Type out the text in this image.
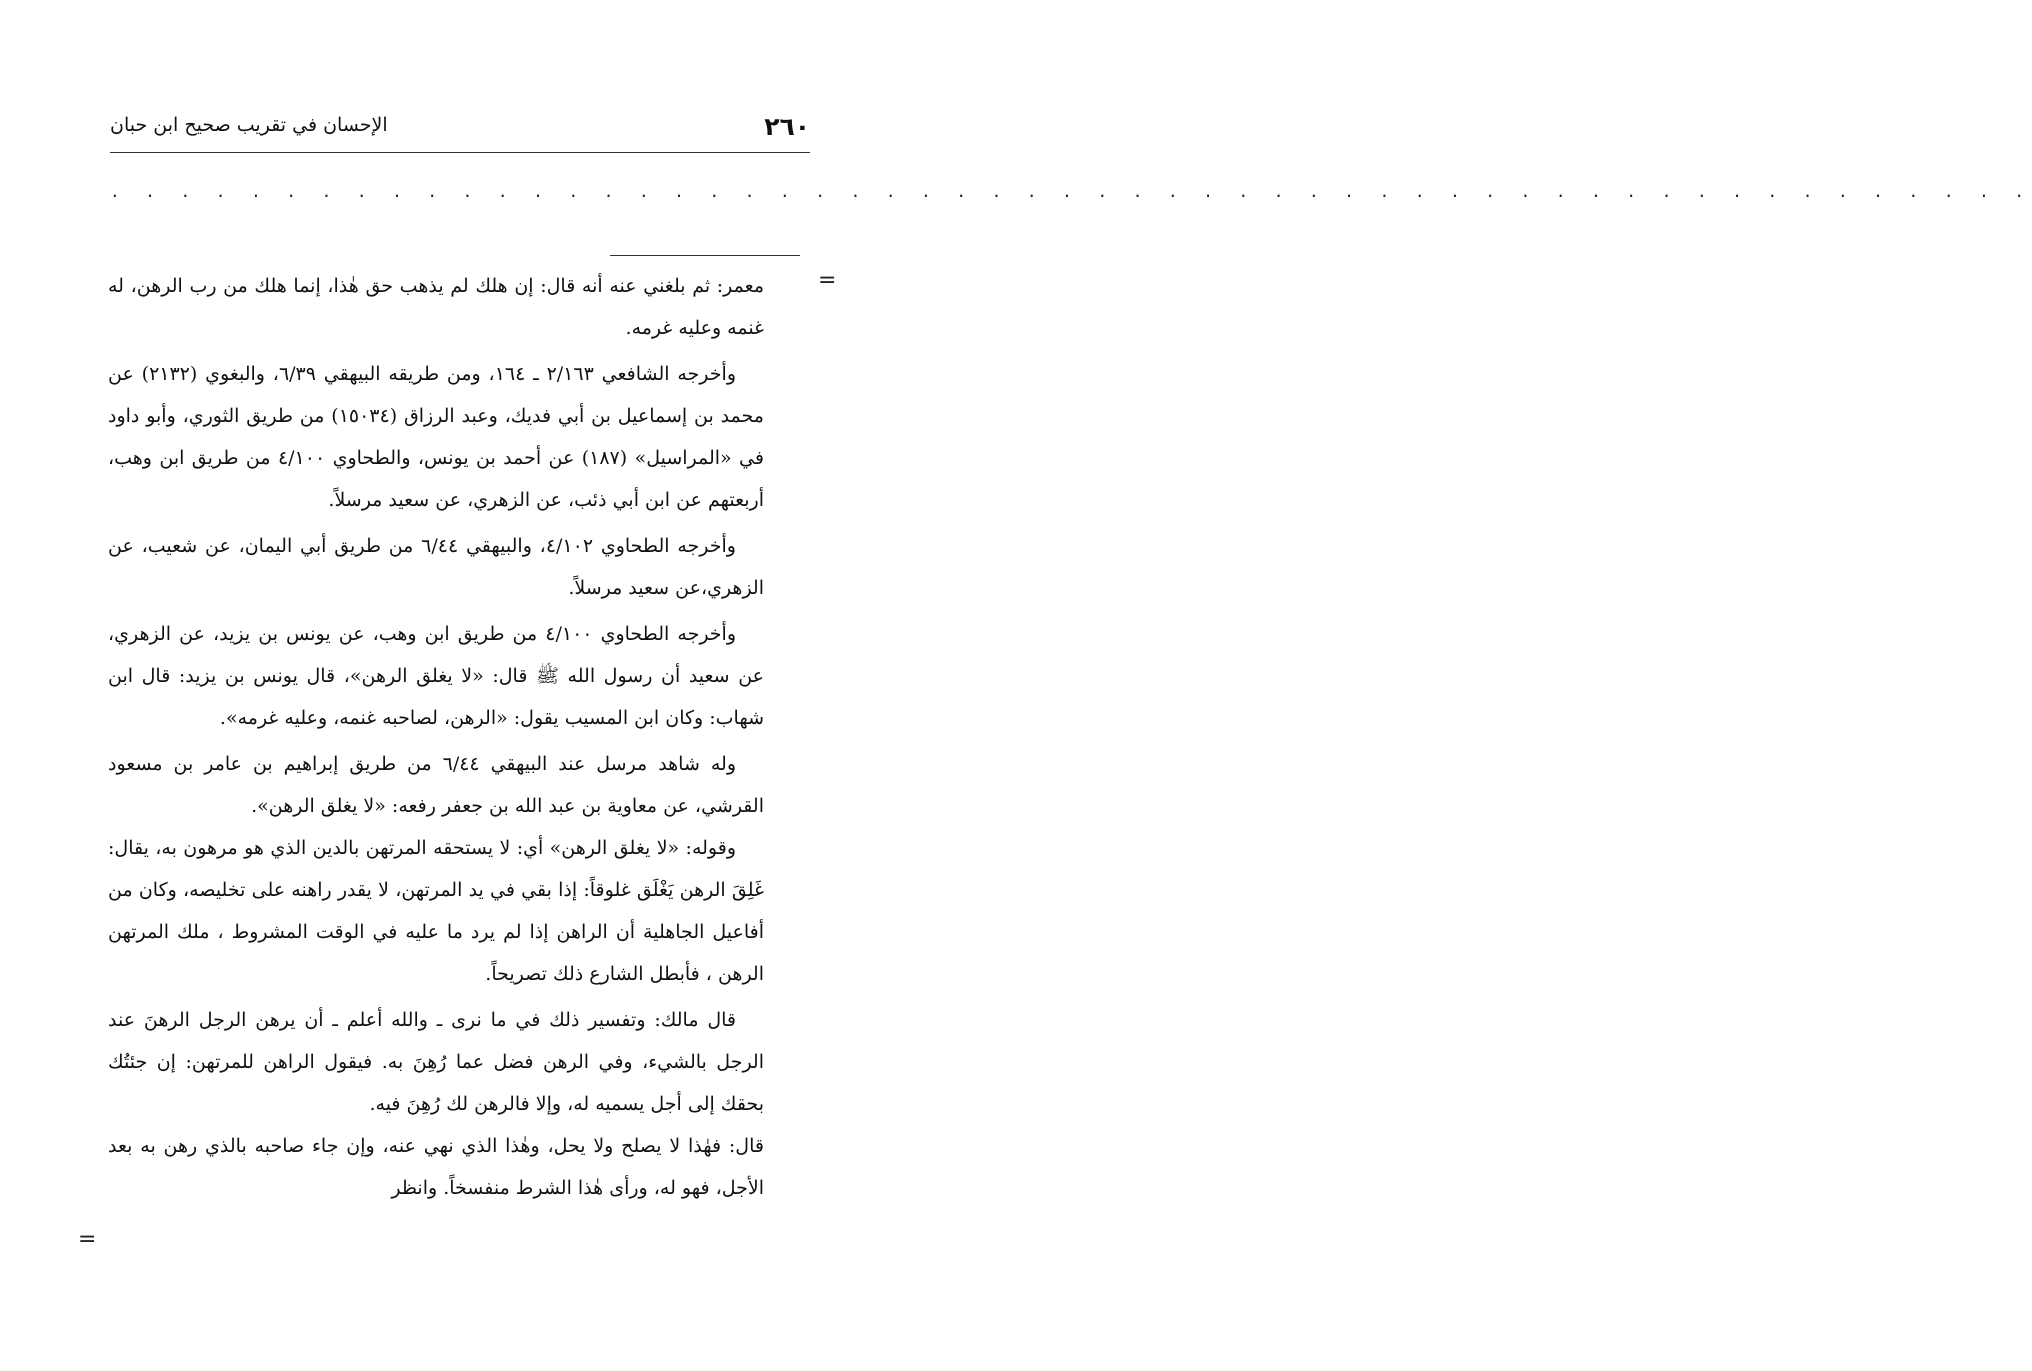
٢٦٠
الإحسان في تقريب صحيح ابن حبان
. . . . . . . . . . . . . . . . . . . . . . . . . . . . . . . . . . . . . . . . . . . . . . . . . . . . . . .
=
=

معمر: ثم بلغني عنه أنه قال: إن هلك لم يذهب حق هٰذا، إنما هلك من رب الرهن، له غنمه وعليه غرمه.

وأخرجه الشافعي ٢/١٦٣ ـ ١٦٤، ومن طريقه البيهقي ٦/٣٩، والبغوي (٢١٣٢) عن محمد بن إسماعيل بن أبي فديك، وعبد الرزاق (١٥٠٣٤) من طريق الثوري، وأبو داود في «المراسيل» (١٨٧) عن أحمد بن يونس، والطحاوي ٤/١٠٠ من طريق ابن وهب، أربعتهم عن ابن أبي ذئب، عن الزهري، عن سعيد مرسلاً.

وأخرجه الطحاوي ٤/١٠٢، والبيهقي ٦/٤٤ من طريق أبي اليمان، عن شعيب، عن الزهري،عن سعيد مرسلاً.

وأخرجه الطحاوي ٤/١٠٠ من طريق ابن وهب، عن يونس بن يزيد، عن الزهري، عن سعيد أن رسول الله ﷺ قال: «لا يغلق الرهن»، قال يونس بن يزيد: قال ابن شهاب: وكان ابن المسيب يقول: «الرهن، لصاحبه غنمه، وعليه غرمه».

وله شاهد مرسل عند البيهقي ٦/٤٤ من طريق إبراهيم بن عامر بن مسعود القرشي، عن معاوية بن عبد الله بن جعفر رفعه: «لا يغلق الرهن».

وقوله: «لا يغلق الرهن» أي: لا يستحقه المرتهن بالدين الذي هو مرهون به، يقال: غَلِقَ الرهن يَغْلَق غلوقاً: إذا بقي في يد المرتهن، لا يقدر راهنه على تخليصه، وكان من أفاعيل الجاهلية أن الراهن إذا لم يرد ما عليه في الوقت المشروط ، ملك المرتهن الرهن ، فأبطل الشارع ذلك تصريحاً.

قال مالك: وتفسير ذلك في ما نرى ـ والله أعلم ـ أن يرهن الرجل الرهنَ عند الرجل بالشيء، وفي الرهن فضل عما رُهِنَ به. فيقول الراهن للمرتهن: إن جئتُك بحقك إلى أجل يسميه له، وإلا فالرهن لك رُهِنَ فيه.

قال: فهٰذا لا يصلح ولا يحل، وهٰذا الذي نهي عنه، وإن جاء صاحبه بالذي رهن به بعد الأجل، فهو له، ورأى هٰذا الشرط منفسخاً. وانظر
